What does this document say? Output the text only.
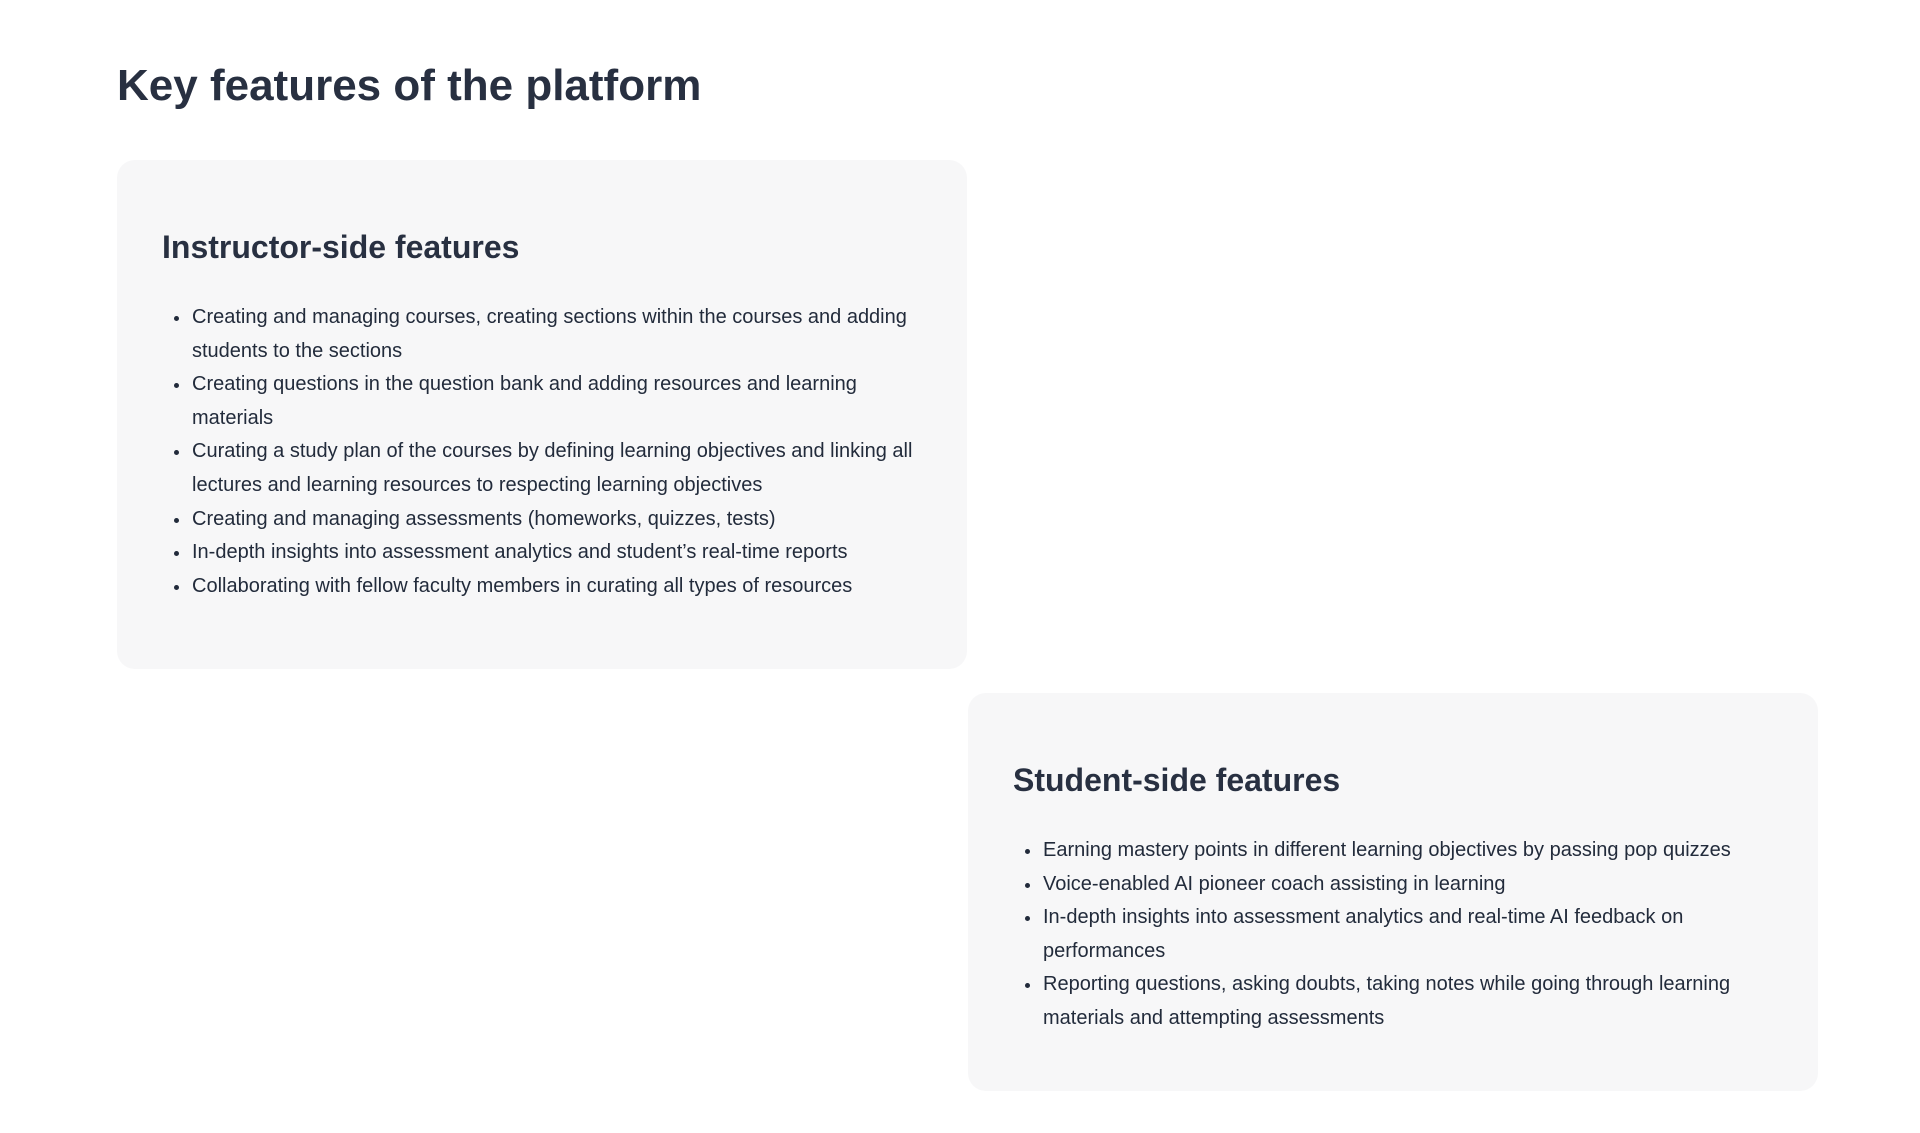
Key features of the platform
Instructor-side features
Creating and managing courses, creating sections within the courses and adding students to the sections
Creating questions in the question bank and adding resources and learning materials
Curating a study plan of the courses by defining learning objectives and linking all lectures and learning resources to respecting learning objectives
Creating and managing assessments (homeworks, quizzes, tests)
In-depth insights into assessment analytics and student’s real-time reports
Collaborating with fellow faculty members in curating all types of resources
Student-side features
Earning mastery points in different learning objectives by passing pop quizzes
Voice-enabled AI pioneer coach assisting in learning
In-depth insights into assessment analytics and real-time AI feedback on performances
Reporting questions, asking doubts, taking notes while going through learning materials and attempting assessments
